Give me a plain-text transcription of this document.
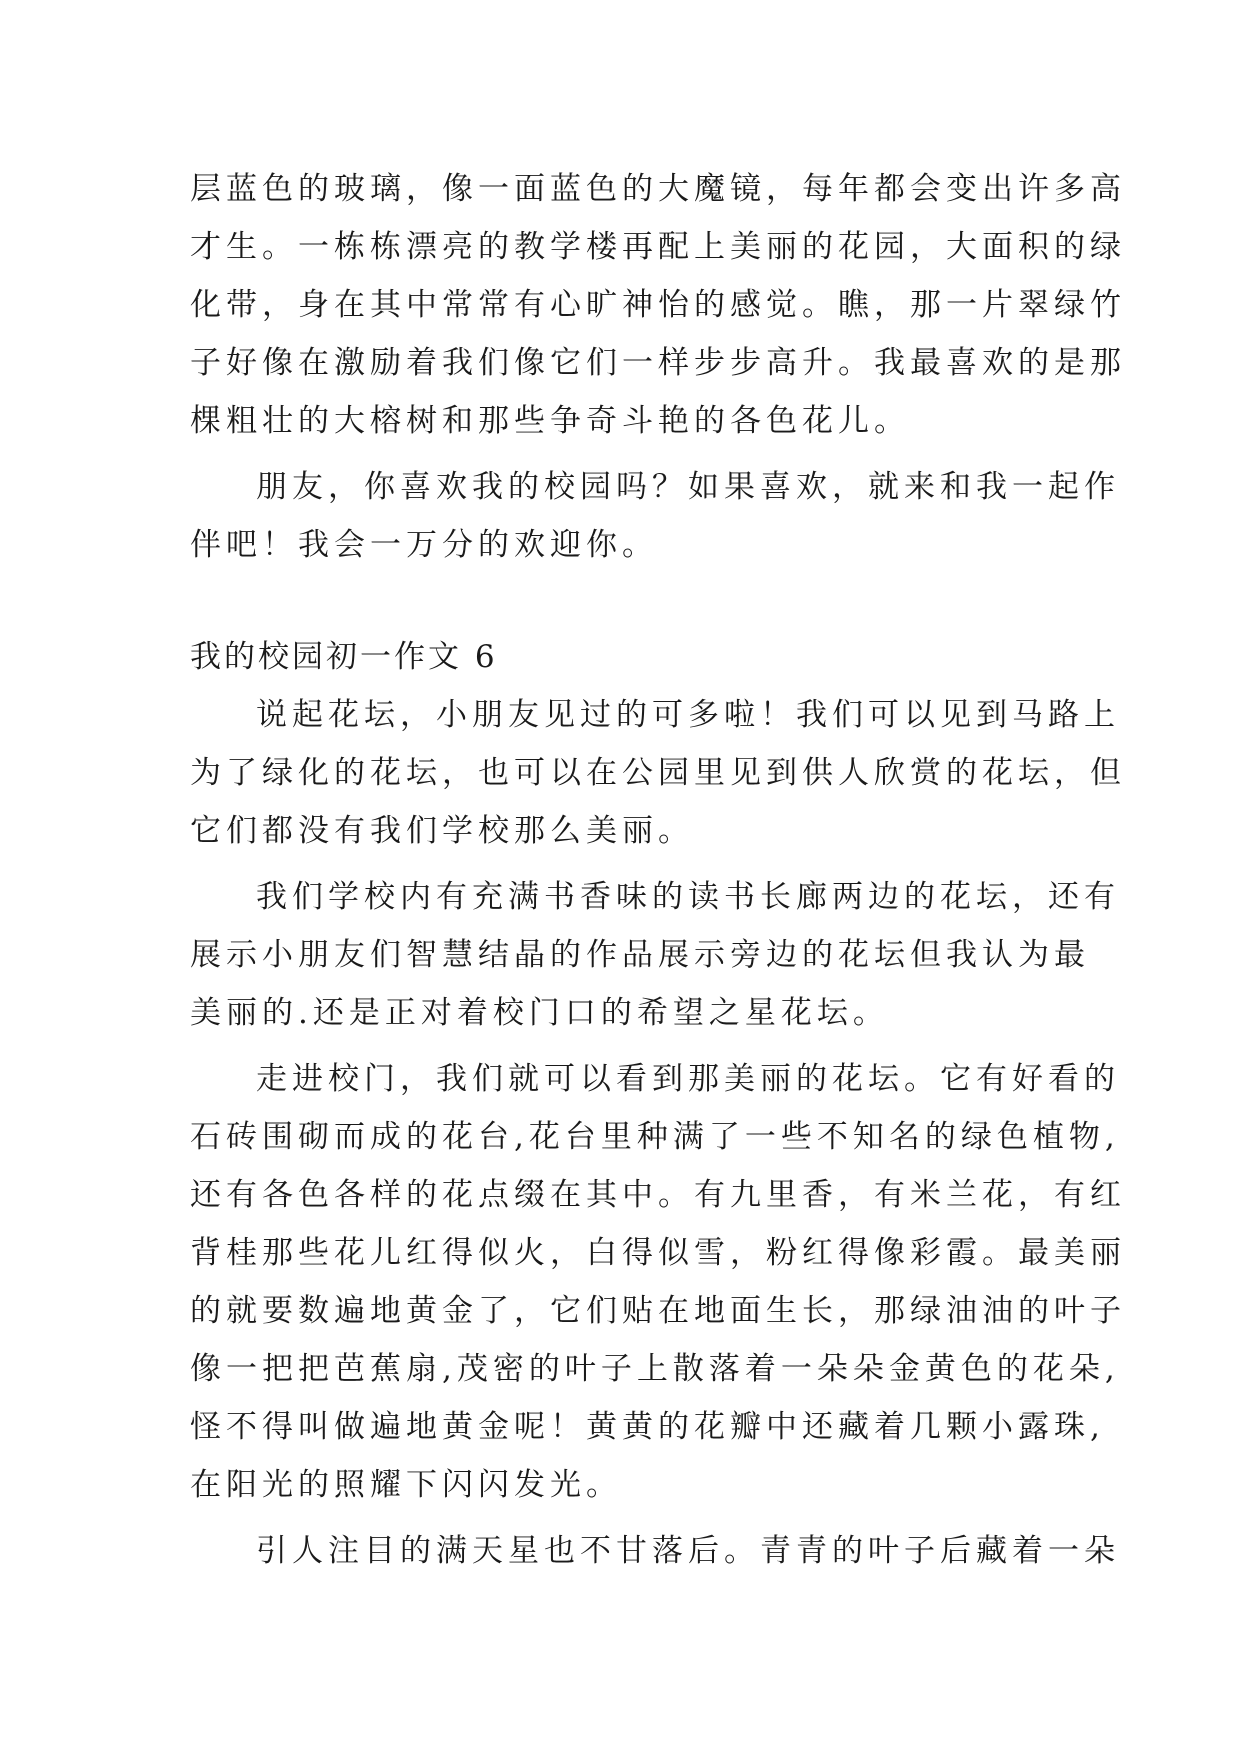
层蓝色的玻璃，像一面蓝色的大魔镜，每年都会变出许多高
才生。一栋栋漂亮的教学楼再配上美丽的花园，大面积的绿
化带，身在其中常常有心旷神怡的感觉。瞧，那一片翠绿竹
子好像在激励着我们像它们一样步步高升。我最喜欢的是那
棵粗壮的大榕树和那些争奇斗艳的各色花儿。
朋友，你喜欢我的校园吗？如果喜欢，就来和我一起作
伴吧！我会一万分的欢迎你。
我的校园初一作文 6
说起花坛，小朋友见过的可多啦！我们可以见到马路上
为了绿化的花坛，也可以在公园里见到供人欣赏的花坛，但
它们都没有我们学校那么美丽。
我们学校内有充满书香味的读书长廊两边的花坛，还有
展示小朋友们智慧结晶的作品展示旁边的花坛但我认为最
美丽的.还是正对着校门口的希望之星花坛。
走进校门，我们就可以看到那美丽的花坛。它有好看的
石砖围砌而成的花台,花台里种满了一些不知名的绿色植物,
还有各色各样的花点缀在其中。有九里香，有米兰花，有红
背桂那些花儿红得似火，白得似雪，粉红得像彩霞。最美丽
的就要数遍地黄金了，它们贴在地面生长，那绿油油的叶子
像一把把芭蕉扇,茂密的叶子上散落着一朵朵金黄色的花朵,
怪不得叫做遍地黄金呢！黄黄的花瓣中还藏着几颗小露珠,
在阳光的照耀下闪闪发光。
引人注目的满天星也不甘落后。青青的叶子后藏着一朵
